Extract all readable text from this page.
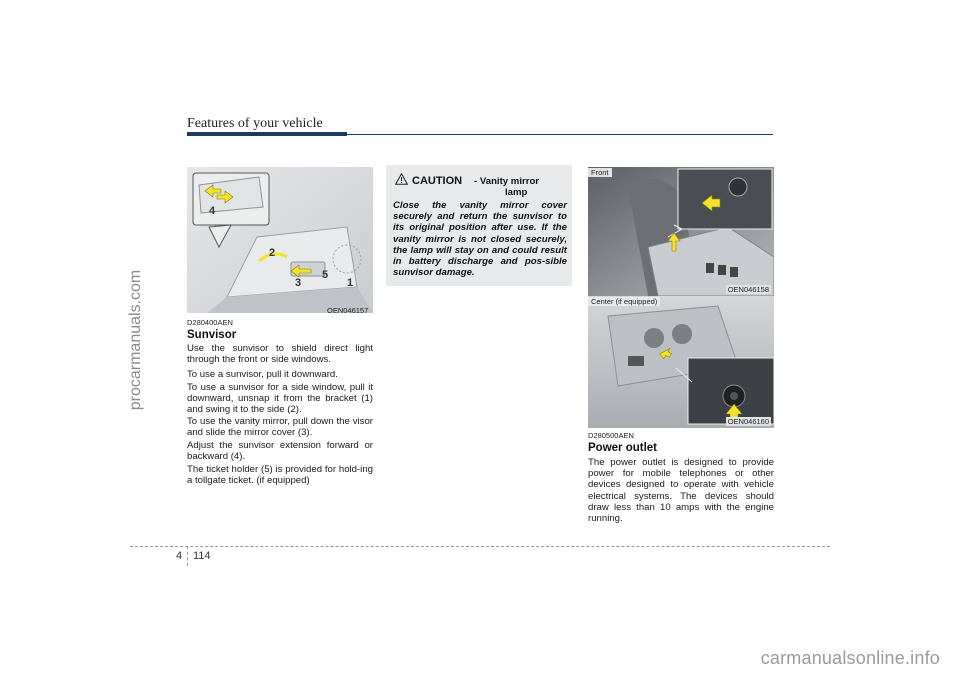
procarmanuals.com
Features of your vehicle
4
2
3
5
1
OEN046157
D280400AEN
Sunvisor

Use the sunvisor to shield direct light through the front or side windows.

To use a sunvisor, pull it downward.

To use a sunvisor for a side window, pull it downward, unsnap it from the bracket (1) and swing it to the side (2).

To use the vanity mirror, pull down the visor and slide the mirror cover (3).

Adjust the sunvisor extension forward or backward (4).

The ticket holder (5) is provided for hold-ing a tollgate ticket. (if equipped)

CAUTION - Vanity mirror
lamp

Close the vanity mirror cover securely and return the sunvisor to its original position after use. If the vanity mirror is not closed securely, the lamp will stay on and could result in battery discharge and pos-sible sunvisor damage.

Front
OEN046158
Center (if equipped)
OEN046160
D280500AEN
Power outlet

The power outlet is designed to provide power for mobile telephones or other devices designed to operate with vehicle electrical systems. The devices should draw less than 10 amps with the engine running.

4 114
carmanualsonline.info
